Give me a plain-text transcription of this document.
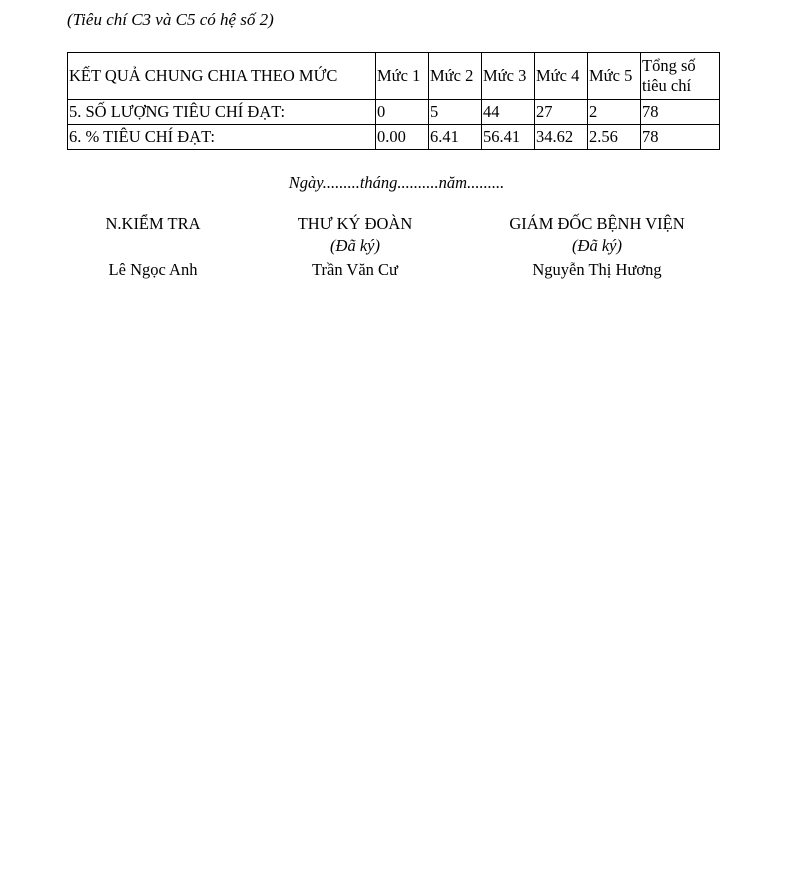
(Tiêu chí C3 và C5 có hệ số 2)
KẾT QUẢ CHUNG CHIA THEO MỨC	Mức 1	Mức 2	Mức 3	Mức 4	Mức 5	Tổng số tiêu chí
5. SỐ LƯỢNG TIÊU CHÍ ĐẠT:	0	5	44	27	2	78
6. % TIÊU CHÍ ĐẠT:	0.00	6.41	56.41	34.62	2.56	78
Ngày.........tháng..........năm.........
N.KIỂM TRA
Lê Ngọc Anh
THƯ KÝ ĐOÀN
(Đã ký)
Trần Văn Cư
GIÁM ĐỐC BỆNH VIỆN
(Đã ký)
Nguyễn Thị Hương
